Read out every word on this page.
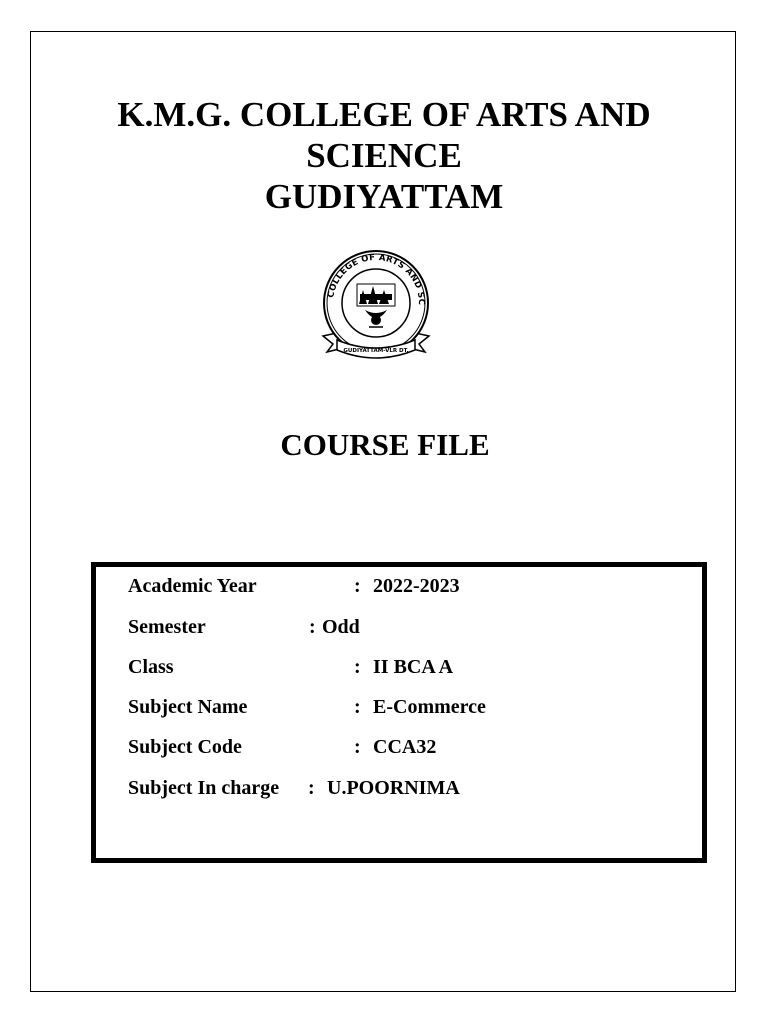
K.M.G. COLLEGE OF ARTS AND
SCIENCE
GUDIYATTAM
COLLEGE OF ARTS AND SC
GUDIYATTAM-VLR DT.
COURSE FILE
Academic Year	: 2022-2023
Semester	: Odd
Class	: II BCA A
Subject Name	: E-Commerce
Subject Code	: CCA32
Subject In charge : U.POORNIMA
